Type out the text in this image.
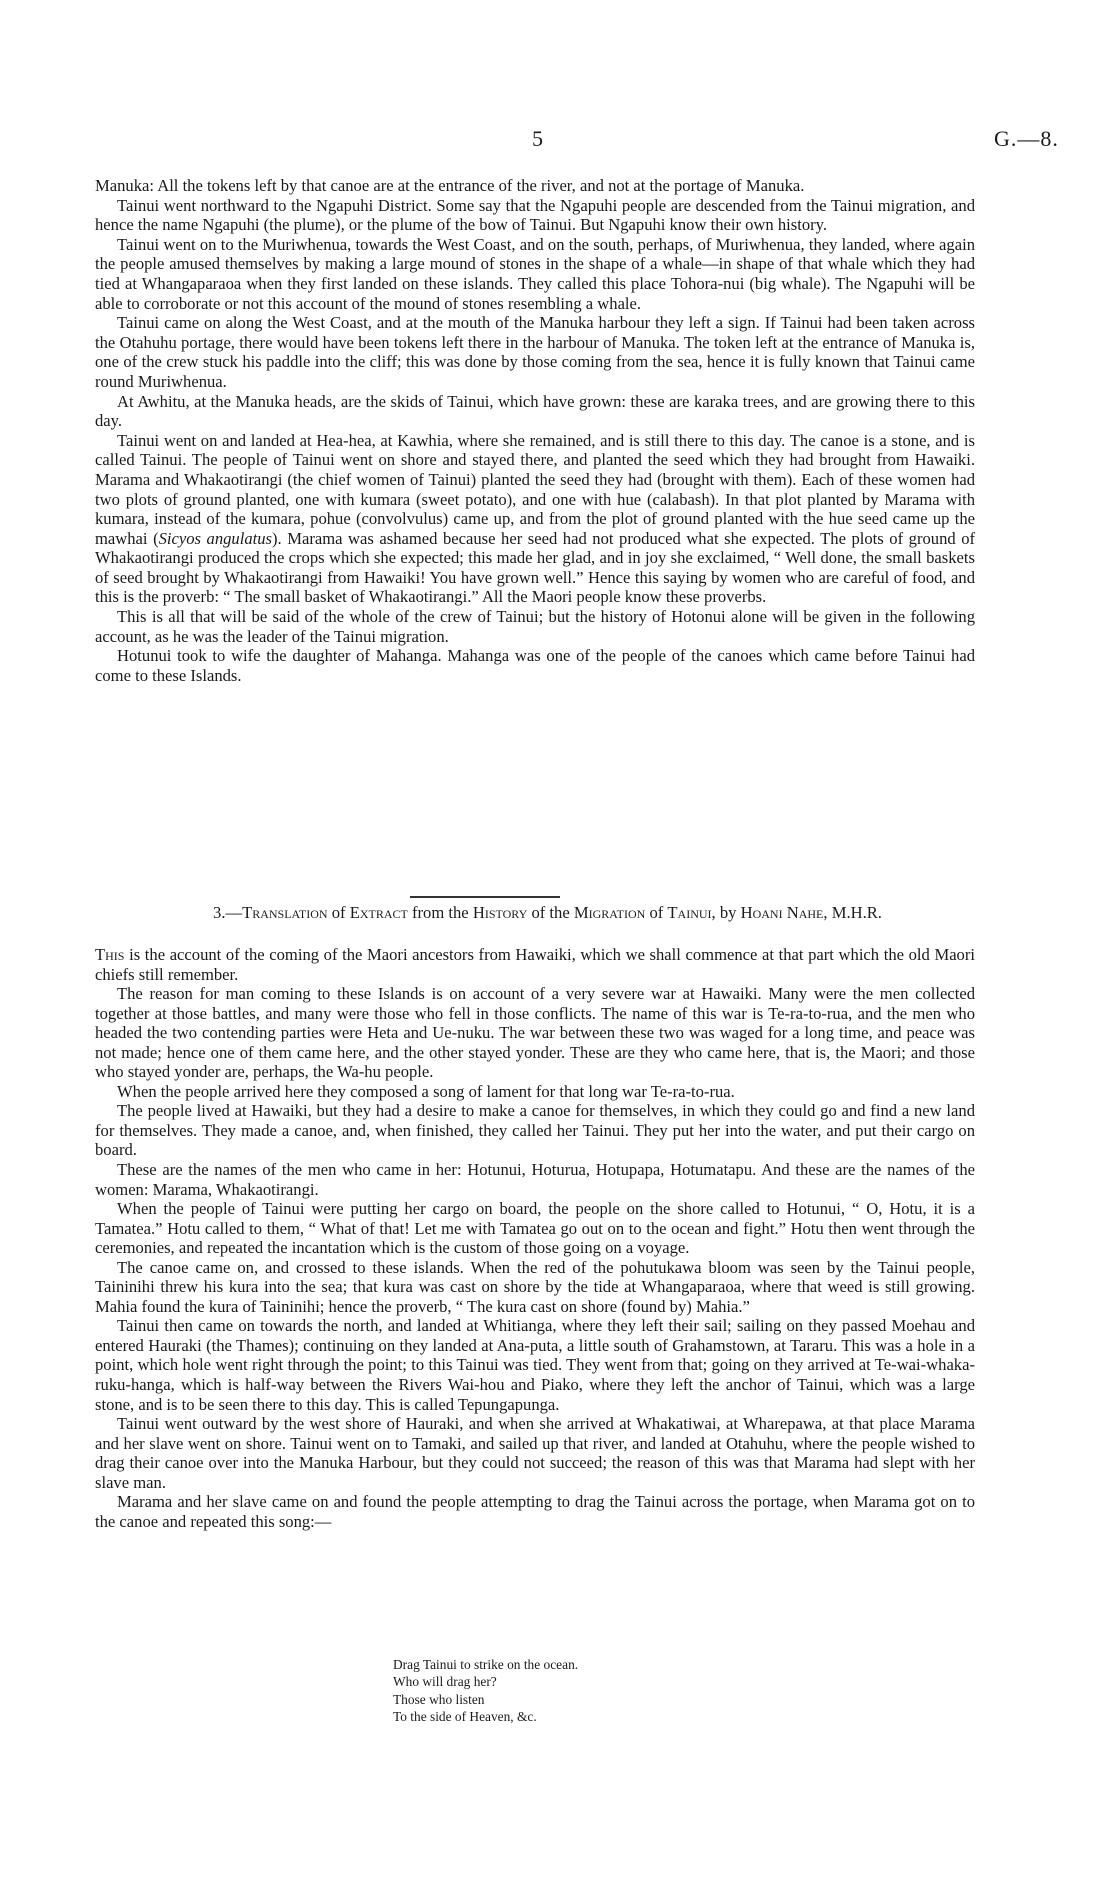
5	G.—8.

Manuka: All the tokens left by that canoe are at the entrance of the river, and not at the portage of Manuka.

Tainui went northward to the Ngapuhi District. Some say that the Ngapuhi people are descended from the Tainui migration, and hence the name Ngapuhi (the plume), or the plume of the bow of Tainui. But Ngapuhi know their own history.

Tainui went on to the Muriwhenua, towards the West Coast, and on the south, perhaps, of Muriwhenua, they landed, where again the people amused themselves by making a large mound of stones in the shape of a whale—in shape of that whale which they had tied at Whangaparaoa when they first landed on these islands. They called this place Tohora-nui (big whale). The Ngapuhi will be able to corroborate or not this account of the mound of stones resembling a whale.

Tainui came on along the West Coast, and at the mouth of the Manuka harbour they left a sign. If Tainui had been taken across the Otahuhu portage, there would have been tokens left there in the harbour of Manuka. The token left at the entrance of Manuka is, one of the crew stuck his paddle into the cliff; this was done by those coming from the sea, hence it is fully known that Tainui came round Muriwhenua.

At Awhitu, at the Manuka heads, are the skids of Tainui, which have grown: these are karaka trees, and are growing there to this day.

Tainui went on and landed at Hea-hea, at Kawhia, where she remained, and is still there to this day. The canoe is a stone, and is called Tainui. The people of Tainui went on shore and stayed there, and planted the seed which they had brought from Hawaiki. Marama and Whakaotirangi (the chief women of Tainui) planted the seed they had (brought with them). Each of these women had two plots of ground planted, one with kumara (sweet potato), and one with hue (calabash). In that plot planted by Marama with kumara, instead of the kumara, pohue (convolvulus) came up, and from the plot of ground planted with the hue seed came up the mawhai (Sicyos angulatus). Marama was ashamed because her seed had not produced what she expected. The plots of ground of Whakaotirangi produced the crops which she expected; this made her glad, and in joy she exclaimed, “ Well done, the small baskets of seed brought by Whakaotirangi from Hawaiki! You have grown well.” Hence this saying by women who are careful of food, and this is the proverb: “ The small basket of Whakaotirangi.” All the Maori people know these proverbs.

This is all that will be said of the whole of the crew of Tainui; but the history of Hotonui alone will be given in the following account, as he was the leader of the Tainui migration.

Hotunui took to wife the daughter of Mahanga. Mahanga was one of the people of the canoes which came before Tainui had come to these Islands.

3.—Translation of Extract from the History of the Migration of Tainui, by Hoani Nahe, M.H.R.

This is the account of the coming of the Maori ancestors from Hawaiki, which we shall commence at that part which the old Maori chiefs still remember.

The reason for man coming to these Islands is on account of a very severe war at Hawaiki. Many were the men collected together at those battles, and many were those who fell in those conflicts. The name of this war is Te-ra-to-rua, and the men who headed the two contending parties were Heta and Ue-nuku. The war between these two was waged for a long time, and peace was not made; hence one of them came here, and the other stayed yonder. These are they who came here, that is, the Maori; and those who stayed yonder are, perhaps, the Wa-hu people.

When the people arrived here they composed a song of lament for that long war Te-ra-to-rua.

The people lived at Hawaiki, but they had a desire to make a canoe for themselves, in which they could go and find a new land for themselves. They made a canoe, and, when finished, they called her Tainui. They put her into the water, and put their cargo on board.

These are the names of the men who came in her: Hotunui, Hoturua, Hotupapa, Hotumatapu. And these are the names of the women: Marama, Whakaotirangi.

When the people of Tainui were putting her cargo on board, the people on the shore called to Hotunui, “ O, Hotu, it is a Tamatea.” Hotu called to them, “ What of that! Let me with Tamatea go out on to the ocean and fight.” Hotu then went through the ceremonies, and repeated the incantation which is the custom of those going on a voyage.

The canoe came on, and crossed to these islands. When the red of the pohutukawa bloom was seen by the Tainui people, Taininihi threw his kura into the sea; that kura was cast on shore by the tide at Whangaparaoa, where that weed is still growing. Mahia found the kura of Taininihi; hence the proverb, “ The kura cast on shore (found by) Mahia.”

Tainui then came on towards the north, and landed at Whitianga, where they left their sail; sailing on they passed Moehau and entered Hauraki (the Thames); continuing on they landed at Ana-puta, a little south of Grahamstown, at Tararu. This was a hole in a point, which hole went right through the point; to this Tainui was tied. They went from that; going on they arrived at Te-wai-whaka-ruku-hanga, which is half-way between the Rivers Wai-hou and Piako, where they left the anchor of Tainui, which was a large stone, and is to be seen there to this day. This is called Tepungapunga.

Tainui went outward by the west shore of Hauraki, and when she arrived at Whakatiwai, at Wharepawa, at that place Marama and her slave went on shore. Tainui went on to Tamaki, and sailed up that river, and landed at Otahuhu, where the people wished to drag their canoe over into the Manuka Harbour, but they could not succeed; the reason of this was that Marama had slept with her slave man.

Marama and her slave came on and found the people attempting to drag the Tainui across the portage, when Marama got on to the canoe and repeated this song:—

Drag Tainui to strike on the ocean.
Who will drag her?
Those who listen
To the side of Heaven, &c.
